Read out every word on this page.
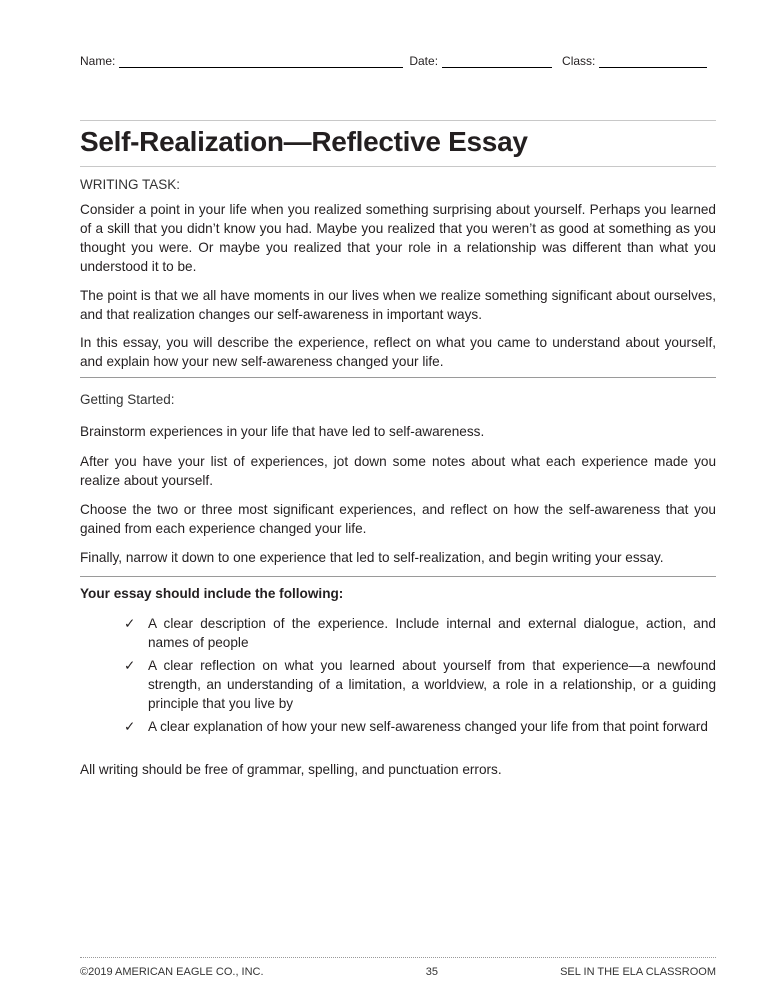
Name:	Date:	Class:
Self-Realization—Reflective Essay
WRITING TASK:

Consider a point in your life when you realized something surprising about yourself. Perhaps you learned of a skill that you didn’t know you had. Maybe you realized that you weren’t as good at something as you thought you were. Or maybe you realized that your role in a relationship was different than what you understood it to be.

The point is that we all have moments in our lives when we realize something significant about ourselves, and that realization changes our self-awareness in important ways.

In this essay, you will describe the experience, reflect on what you came to understand about yourself, and explain how your new self-awareness changed your life.

Getting Started:

Brainstorm experiences in your life that have led to self-awareness.

After you have your list of experiences, jot down some notes about what each experience made you realize about yourself.

Choose the two or three most significant experiences, and reflect on how the self-awareness that you gained from each experience changed your life.

Finally, narrow it down to one experience that led to self-realization, and begin writing your essay.

Your essay should include the following:

✓ A clear description of the experience. Include internal and external dialogue, action, and names of people
✓ A clear reflection on what you learned about yourself from that experience—a newfound strength, an understanding of a limitation, a worldview, a role in a relationship, or a guiding principle that you live by
✓ A clear explanation of how your new self-awareness changed your life from that point forward

All writing should be free of grammar, spelling, and punctuation errors.

©2019 AMERICAN EAGLE CO., INC.	35	SEL IN THE ELA CLASSROOM
